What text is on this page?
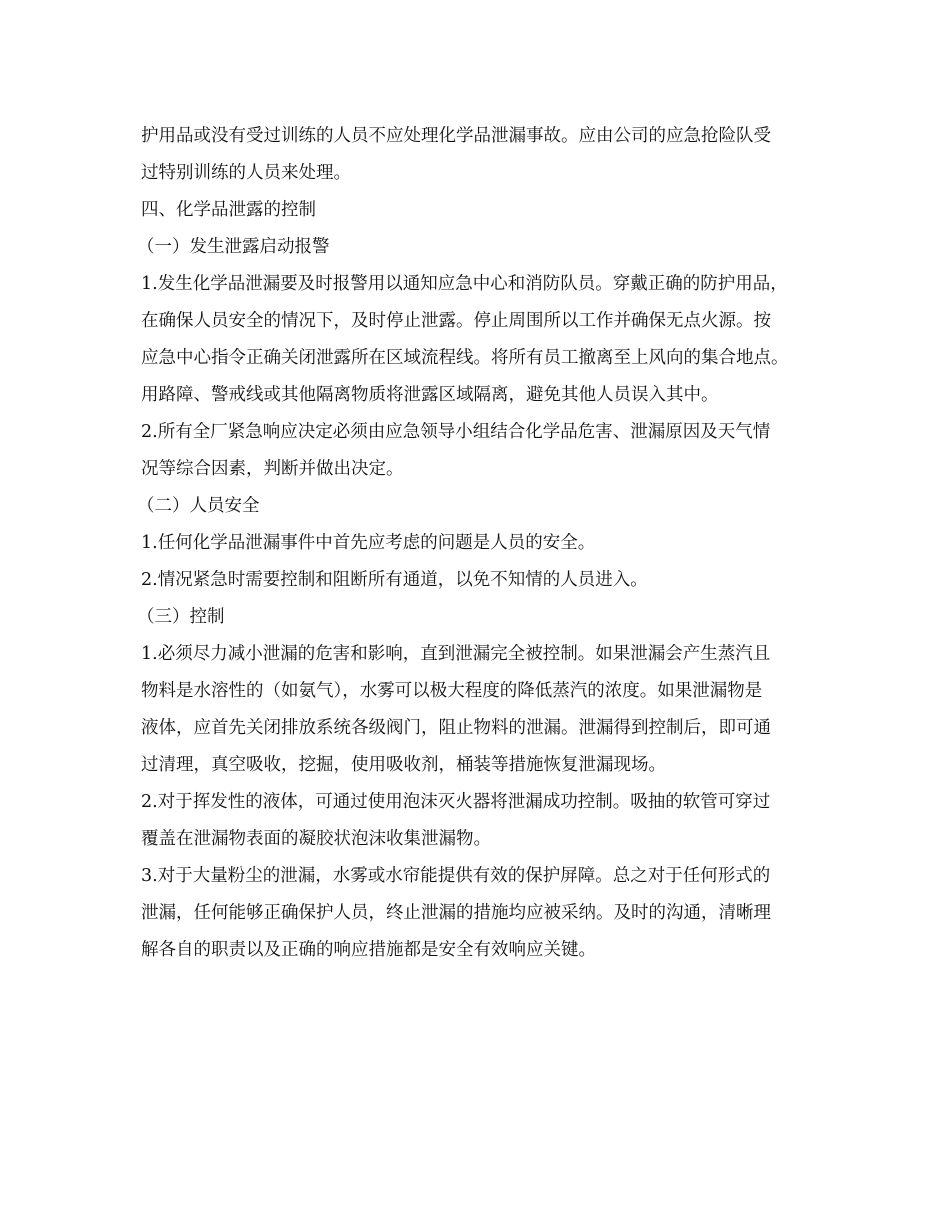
护用品或没有受过训练的人员不应处理化学品泄漏事故。应由公司的应急抢险队受
过特别训练的人员来处理。
四、化学品泄露的控制
（一）发生泄露启动报警
1.发生化学品泄漏要及时报警用以通知应急中心和消防队员。穿戴正确的防护用品，
在确保人员安全的情况下，及时停止泄露。停止周围所以工作并确保无点火源。按
应急中心指令正确关闭泄露所在区域流程线。将所有员工撤离至上风向的集合地点。
用路障、警戒线或其他隔离物质将泄露区域隔离，避免其他人员误入其中。
2.所有全厂紧急响应决定必须由应急领导小组结合化学品危害、泄漏原因及天气情
况等综合因素，判断并做出决定。
（二）人员安全
1.任何化学品泄漏事件中首先应考虑的问题是人员的安全。
2.情况紧急时需要控制和阻断所有通道，以免不知情的人员进入。
（三）控制
1.必须尽力减小泄漏的危害和影响，直到泄漏完全被控制。如果泄漏会产生蒸汽且
物料是水溶性的（如氨气），水雾可以极大程度的降低蒸汽的浓度。如果泄漏物是
液体，应首先关闭排放系统各级阀门，阻止物料的泄漏。泄漏得到控制后，即可通
过清理，真空吸收，挖掘，使用吸收剂，桶装等措施恢复泄漏现场。
2.对于挥发性的液体，可通过使用泡沫灭火器将泄漏成功控制。吸抽的软管可穿过
覆盖在泄漏物表面的凝胶状泡沫收集泄漏物。
3.对于大量粉尘的泄漏，水雾或水帘能提供有效的保护屏障。总之对于任何形式的
泄漏，任何能够正确保护人员，终止泄漏的措施均应被采纳。及时的沟通，清晰理
解各自的职责以及正确的响应措施都是安全有效响应关键。
